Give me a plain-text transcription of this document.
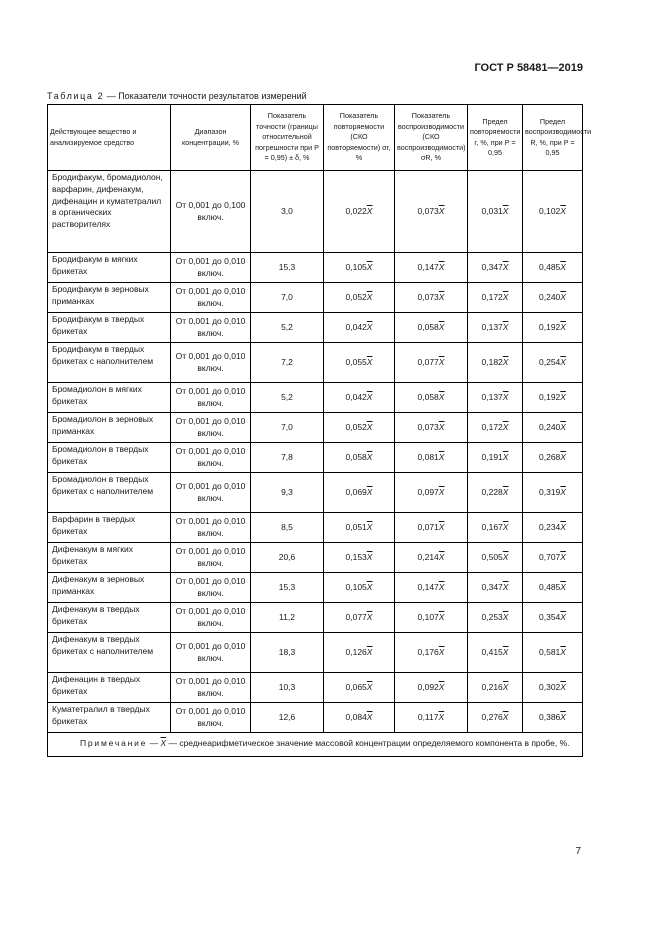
ГОСТ Р 58481—2019
Таблица 2 — Показатели точности результатов измерений
Действующее вещество и анализируемое средство	Диапазон концентрации, %	Показатель точности (границы относительной погрешности при P = 0,95) ± δ, %	Показатель повторяемости (СКО повторяемости) σr, %	Показатель воспроизводимости (СКО воспроизводимости) σR, %	Предел повторяемости r, %, при P = 0,95	Предел воспроизводимости R, %, при P = 0,95
Бродифакум, бромадиолон, варфарин, дифенакум, дифенацин и куматетралил в органических растворителях	От 0,001 до 0,100 включ.	3,0	$0,022\overline{X}$	$0,073\overline{X}$	$0,031\overline{X}$	$0,102\overline{X}$
Бродифакум в мягких брикетах	От 0,001 до 0,010 включ.	15,3	$0,105\overline{X}$	$0,147\overline{X}$	$0,347\overline{X}$	$0,485\overline{X}$
Бродифакум в зерновых приманках	От 0,001 до 0,010 включ.	7,0	$0,052\overline{X}$	$0,073\overline{X}$	$0,172\overline{X}$	$0,240\overline{X}$
Бродифакум в твердых брикетах	От 0,001 до 0,010 включ.	5,2	$0,042\overline{X}$	$0,058\overline{X}$	$0,137\overline{X}$	$0,192\overline{X}$
Бродифакум в твердых брикетах с наполнителем	От 0,001 до 0,010 включ.	7,2	$0,055\overline{X}$	$0,077\overline{X}$	$0,182\overline{X}$	$0,254\overline{X}$
Бромадиолон в мягких брикетах	От 0,001 до 0,010 включ.	5,2	$0,042\overline{X}$	$0,058\overline{X}$	$0,137\overline{X}$	$0,192\overline{X}$
Бромадиолон в зерновых приманках	От 0,001 до 0,010 включ.	7,0	$0,052\overline{X}$	$0,073\overline{X}$	$0,172\overline{X}$	$0,240\overline{X}$
Бромадиолон в твердых брикетах	От 0,001 до 0,010 включ.	7,8	$0,058\overline{X}$	$0,081\overline{X}$	$0,191\overline{X}$	$0,268\overline{X}$
Бромадиолон в твердых брикетах с наполнителем	От 0,001 до 0,010 включ.	9,3	$0,069\overline{X}$	$0,097\overline{X}$	$0,228\overline{X}$	$0,319\overline{X}$
Варфарин в твердых брикетах	От 0,001 до 0,010 включ.	8,5	$0,051\overline{X}$	$0,071\overline{X}$	$0,167\overline{X}$	$0,234\overline{X}$
Дифенакум в мягких брикетах	От 0,001 до 0,010 включ.	20,6	$0,153\overline{X}$	$0,214\overline{X}$	$0,505\overline{X}$	$0,707\overline{X}$
Дифенакум в зерновых приманках	От 0,001 до 0,010 включ.	15,3	$0,105\overline{X}$	$0,147\overline{X}$	$0,347\overline{X}$	$0,485\overline{X}$
Дифенакум в твердых брикетах	От 0,001 до 0,010 включ.	11,2	$0,077\overline{X}$	$0,107\overline{X}$	$0,253\overline{X}$	$0,354\overline{X}$
Дифенакум в твердых брикетах с наполнителем	От 0,001 до 0,010 включ.	18,3	$0,126\overline{X}$	$0,176\overline{X}$	$0,415\overline{X}$	$0,581\overline{X}$
Дифенацин в твердых брикетах	От 0,001 до 0,010 включ.	10,3	$0,065\overline{X}$	$0,092\overline{X}$	$0,216\overline{X}$	$0,302\overline{X}$
Куматетралил в твердых брикетах	От 0,001 до 0,010 включ.	12,6	$0,084\overline{X}$	$0,117\overline{X}$	$0,276\overline{X}$	$0,386\overline{X}$
Примечание — $\overline{X}$ — среднеарифметическое значение массовой концентрации определяемого компонента в пробе, %.						
7
